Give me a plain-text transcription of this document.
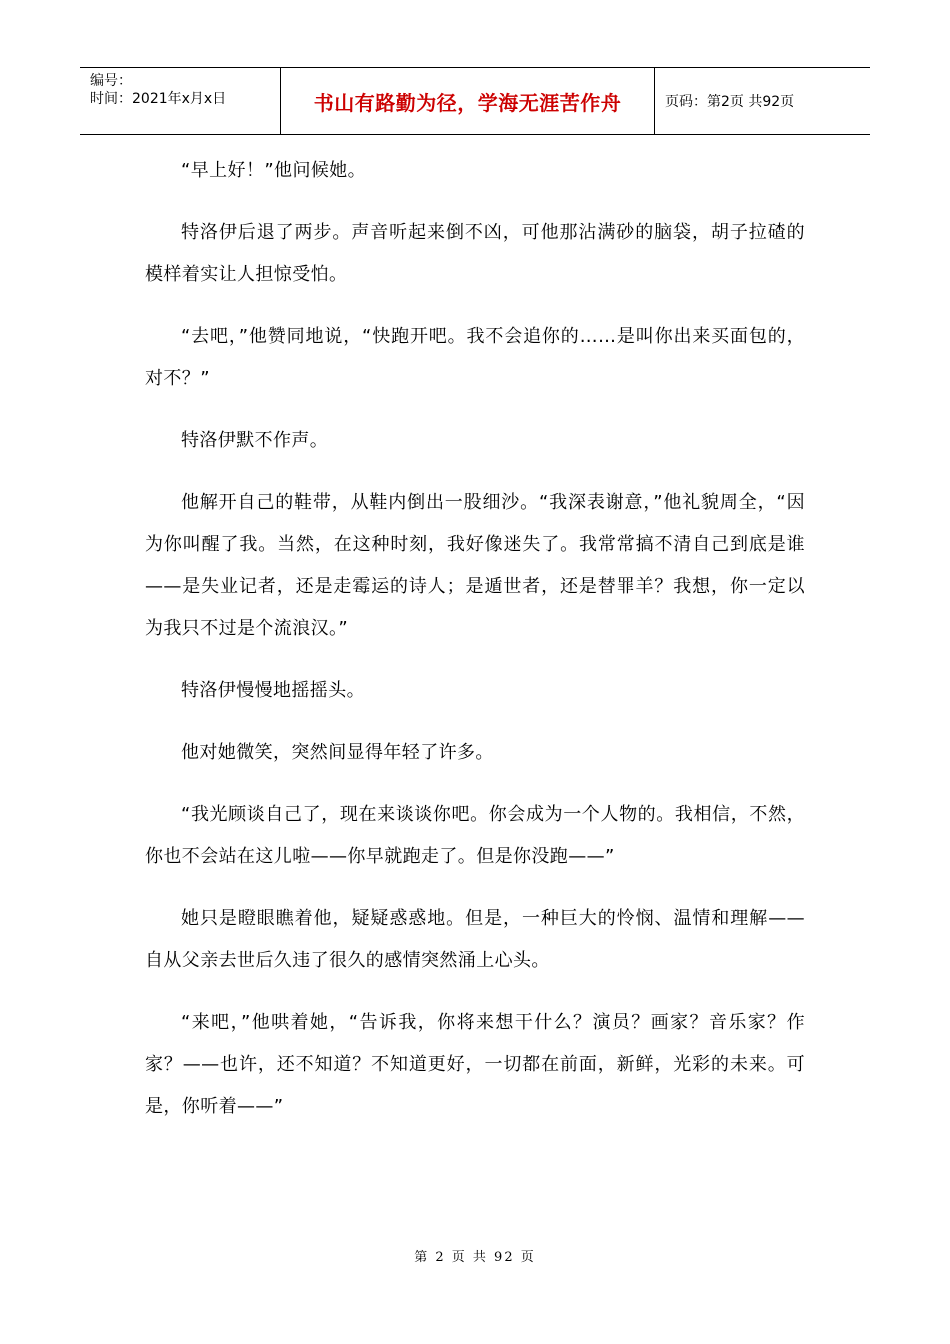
编号：
时间：2021年x月x日	书山有路勤为径，学海无涯苦作舟	页码：第2页 共92页

“早上好！”他问候她。

特洛伊后退了两步。声音听起来倒不凶，可他那沾满砂的脑袋，胡子拉碴的模样着实让人担惊受怕。

“去吧，”他赞同地说，“快跑开吧。我不会追你的……是叫你出来买面包的，对不？”

特洛伊默不作声。

他解开自己的鞋带，从鞋内倒出一股细沙。“我深表谢意，”他礼貌周全，“因为你叫醒了我。当然，在这种时刻，我好像迷失了。我常常搞不清自己到底是谁——是失业记者，还是走霉运的诗人；是遁世者，还是替罪羊？我想，你一定以为我只不过是个流浪汉。”

特洛伊慢慢地摇摇头。

他对她微笑，突然间显得年轻了许多。

“我光顾谈自己了，现在来谈谈你吧。你会成为一个人物的。我相信，不然，你也不会站在这儿啦——你早就跑走了。但是你没跑——”

她只是瞪眼瞧着他，疑疑惑惑地。但是，一种巨大的怜悯、温情和理解——自从父亲去世后久违了很久的感情突然涌上心头。

“来吧，”他哄着她，“告诉我，你将来想干什么？演员？画家？音乐家？作家？——也许，还不知道？不知道更好，一切都在前面，新鲜，光彩的未来。可是，你听着——”

第 2 页 共 92 页
